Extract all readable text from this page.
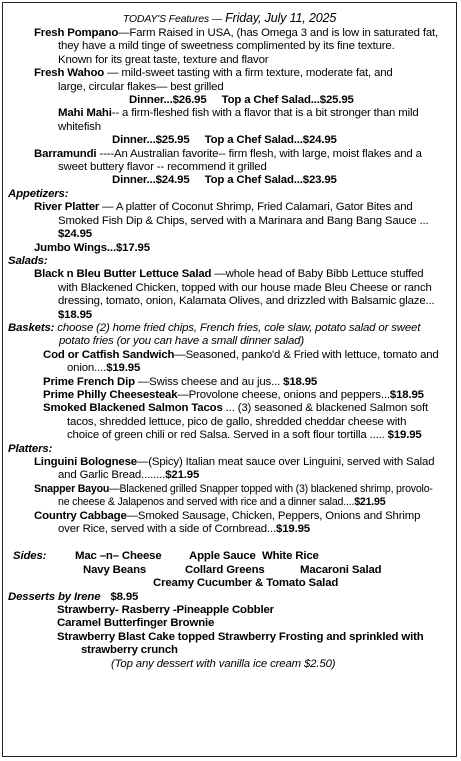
TODAY'S Features — Friday, July 11, 2025
Fresh Pompano—Farm Raised in USA, (has Omega 3 and is low in saturated fat,
they have a mild tinge of sweetness complimented by its fine texture.
Known for its great taste, texture and flavor
Fresh Wahoo — mild-sweet tasting with a firm texture, moderate fat, and
large, circular flakes— best grilled
Dinner...$26.95     Top a Chef Salad...$25.95
Mahi Mahi-- a firm-fleshed fish with a flavor that is a bit stronger than mild
whitefish
Dinner...$25.95     Top a Chef Salad...$24.95
Barramundi ----An Australian favorite-- firm flesh, with large, moist flakes and a
sweet buttery flavor -- recommend it grilled
Dinner...$24.95     Top a Chef Salad...$23.95
Appetizers:
River Platter — A platter of Coconut Shrimp, Fried Calamari, Gator Bites and
Smoked Fish Dip & Chips, served with a Marinara and Bang Bang Sauce ...
$24.95
Jumbo Wings...$17.95
Salads:
Black n Bleu Butter Lettuce Salad —whole head of Baby Bibb Lettuce stuffed
with Blackened Chicken, topped with our house made Bleu Cheese or ranch
dressing, tomato, onion, Kalamata Olives, and drizzled with Balsamic glaze...
$18.95
Baskets: choose (2) home fried chips, French fries, cole slaw, potato salad or sweet
potato fries (or you can have a small dinner salad)
Cod or Catfish Sandwich—Seasoned, panko'd & Fried with lettuce, tomato and
onion....$19.95
Prime French Dip —Swiss cheese and au jus... $18.95
Prime Philly Cheesesteak—Provolone cheese, onions and peppers...$18.95
Smoked Blackened Salmon Tacos ... (3) seasoned & blackened Salmon soft
tacos, shredded lettuce, pico de gallo, shredded cheddar cheese with
choice of green chili or red Salsa. Served in a soft flour tortilla ..... $19.95
Platters:
Linguini Bolognese—(Spicy) Italian meat sauce over Linguini, served with Salad
and Garlic Bread........$21.95
Snapper Bayou—Blackened grilled Snapper topped with (3) blackened shrimp, provolo-
ne cheese & Jalapenos and served with rice and a dinner salad....$21.95
Country Cabbage—Smoked Sausage, Chicken, Peppers, Onions and Shrimp
over Rice, served with a side of Cornbread...$19.95
Sides:	Mac –n– Cheese Apple Sauce White Rice
Navy Beans	Collard Greens	Macaroni Salad
Creamy Cucumber & Tomato Salad
Desserts by Irene $8.95
Strawberry- Rasberry -Pineapple Cobbler
Caramel Butterfinger Brownie
Strawberry Blast Cake topped Strawberry Frosting and sprinkled with
strawberry crunch
(Top any dessert with vanilla ice cream $2.50)
